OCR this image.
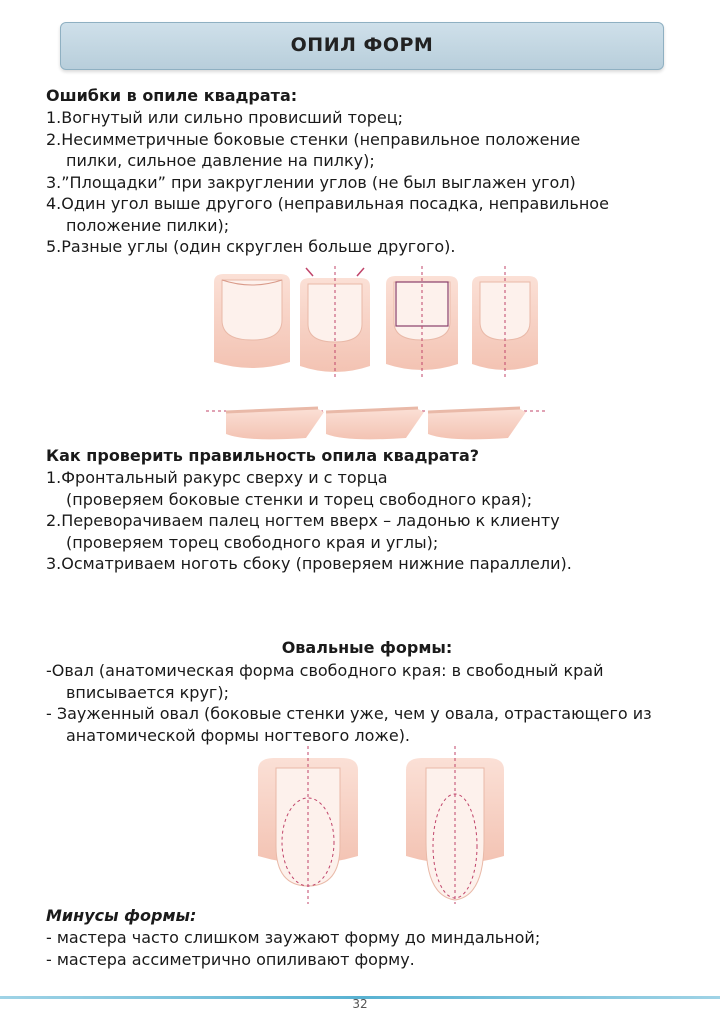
ОПИЛ ФОРМ
Ошибки в опиле квадрата:
1.Вогнутый или сильно провисший торец;
2.Несимметричные боковые стенки (неправильное положение
пилки, сильное давление на пилку);
3.”Площадки” при закруглении углов (не был выглажен угол)
4.Один угол выше другого (неправильная посадка, неправильное
положение пилки);
5.Разные углы (один скруглен больше другого).
Как проверить правильность опила квадрата?
1.Фронтальный ракурс сверху и с торца
(проверяем боковые стенки и торец свободного края);
2.Переворачиваем палец ногтем вверх – ладонью к клиенту
(проверяем торец свободного края и углы);
3.Осматриваем ноготь сбоку (проверяем нижние параллели).
Овальные формы:
-Овал (анатомическая форма свободного края: в свободный край
вписывается круг);
- Зауженный овал (боковые стенки уже, чем у овала, отрастающего из
анатомической формы ногтевого ложе).
Минусы формы:
- мастера часто слишком заужают форму до миндальной;
- мастера ассиметрично опиливают форму.
32
